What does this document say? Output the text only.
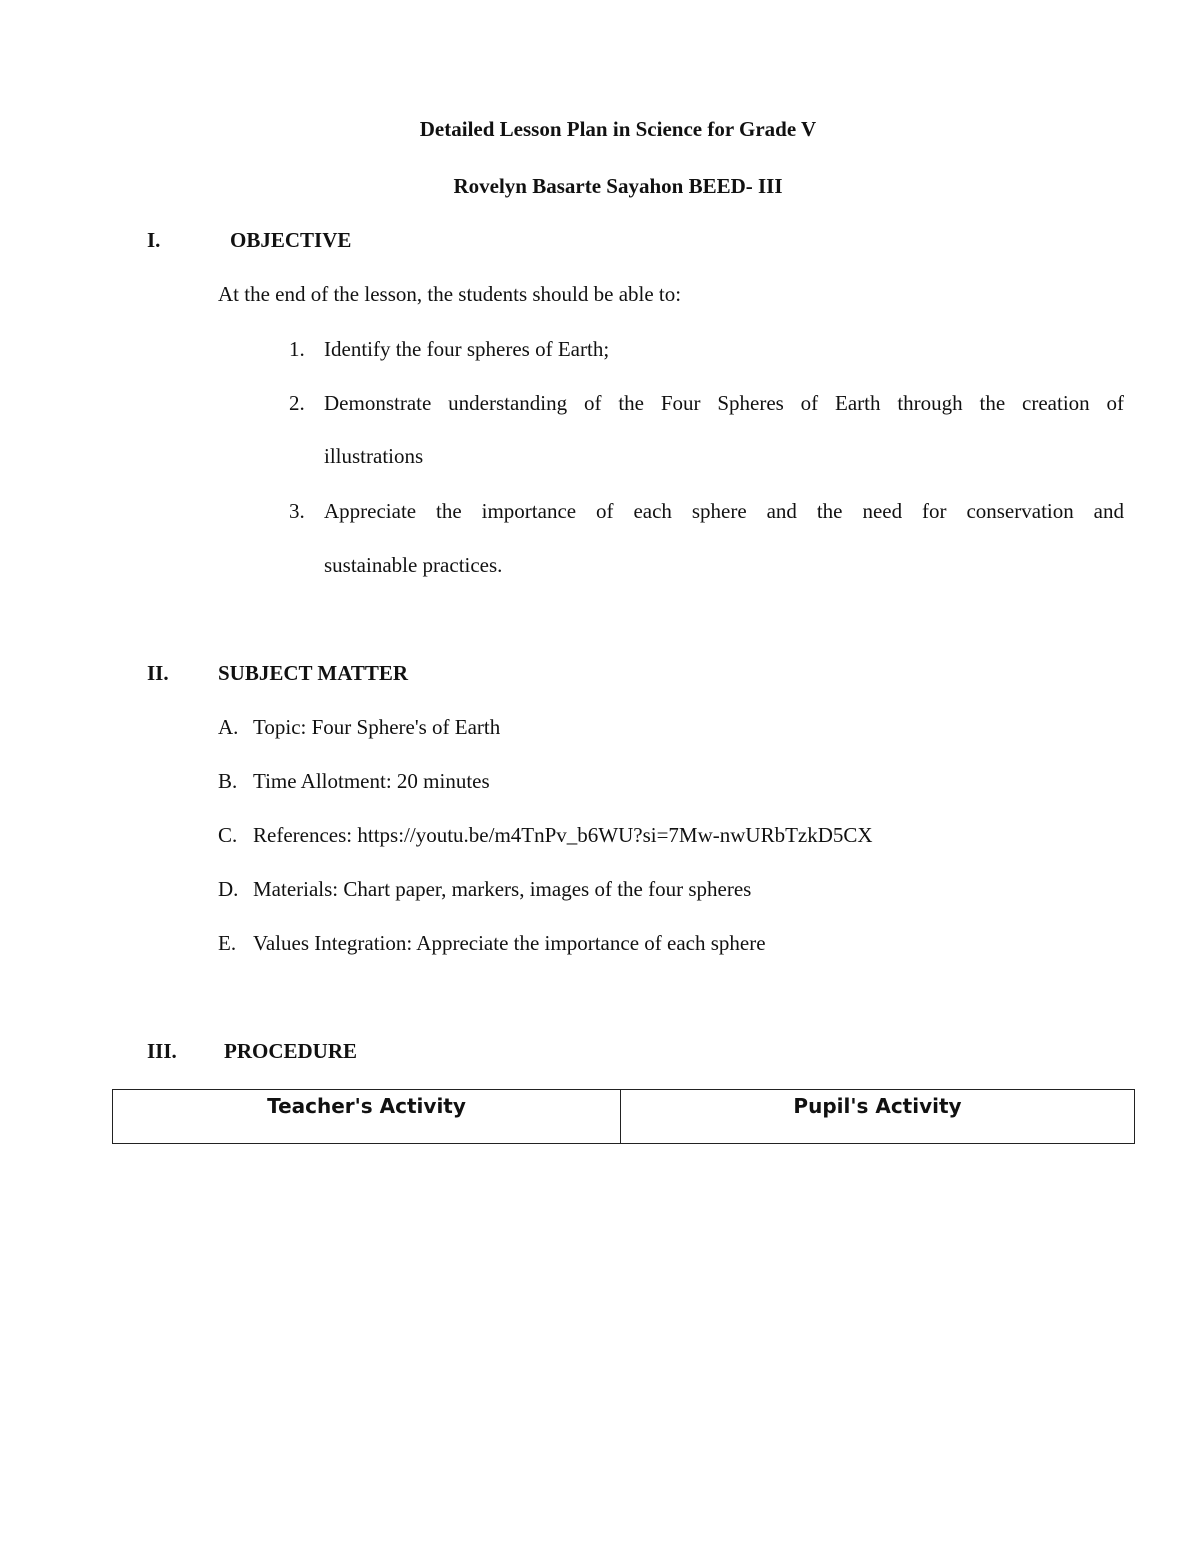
Detailed Lesson Plan in Science for Grade V
Rovelyn Basarte Sayahon BEED- III
I.	OBJECTIVE
At the end of the lesson, the students should be able to:
1. Identify the four spheres of Earth;
2. Demonstrate understanding of the Four Spheres of Earth through the creation of
illustrations
3. Appreciate the importance of each sphere and the need for conservation and
sustainable practices.
II. SUBJECT MATTER
A. Topic: Four Sphere's of Earth
B. Time Allotment: 20 minutes
C. References: https://youtu.be/m4TnPv_b6WU?si=7Mw-nwURbTzkD5CX
D. Materials: Chart paper, markers, images of the four spheres
E. Values Integration: Appreciate the importance of each sphere
III. PROCEDURE
Teacher's Activity	Pupil's Activity
